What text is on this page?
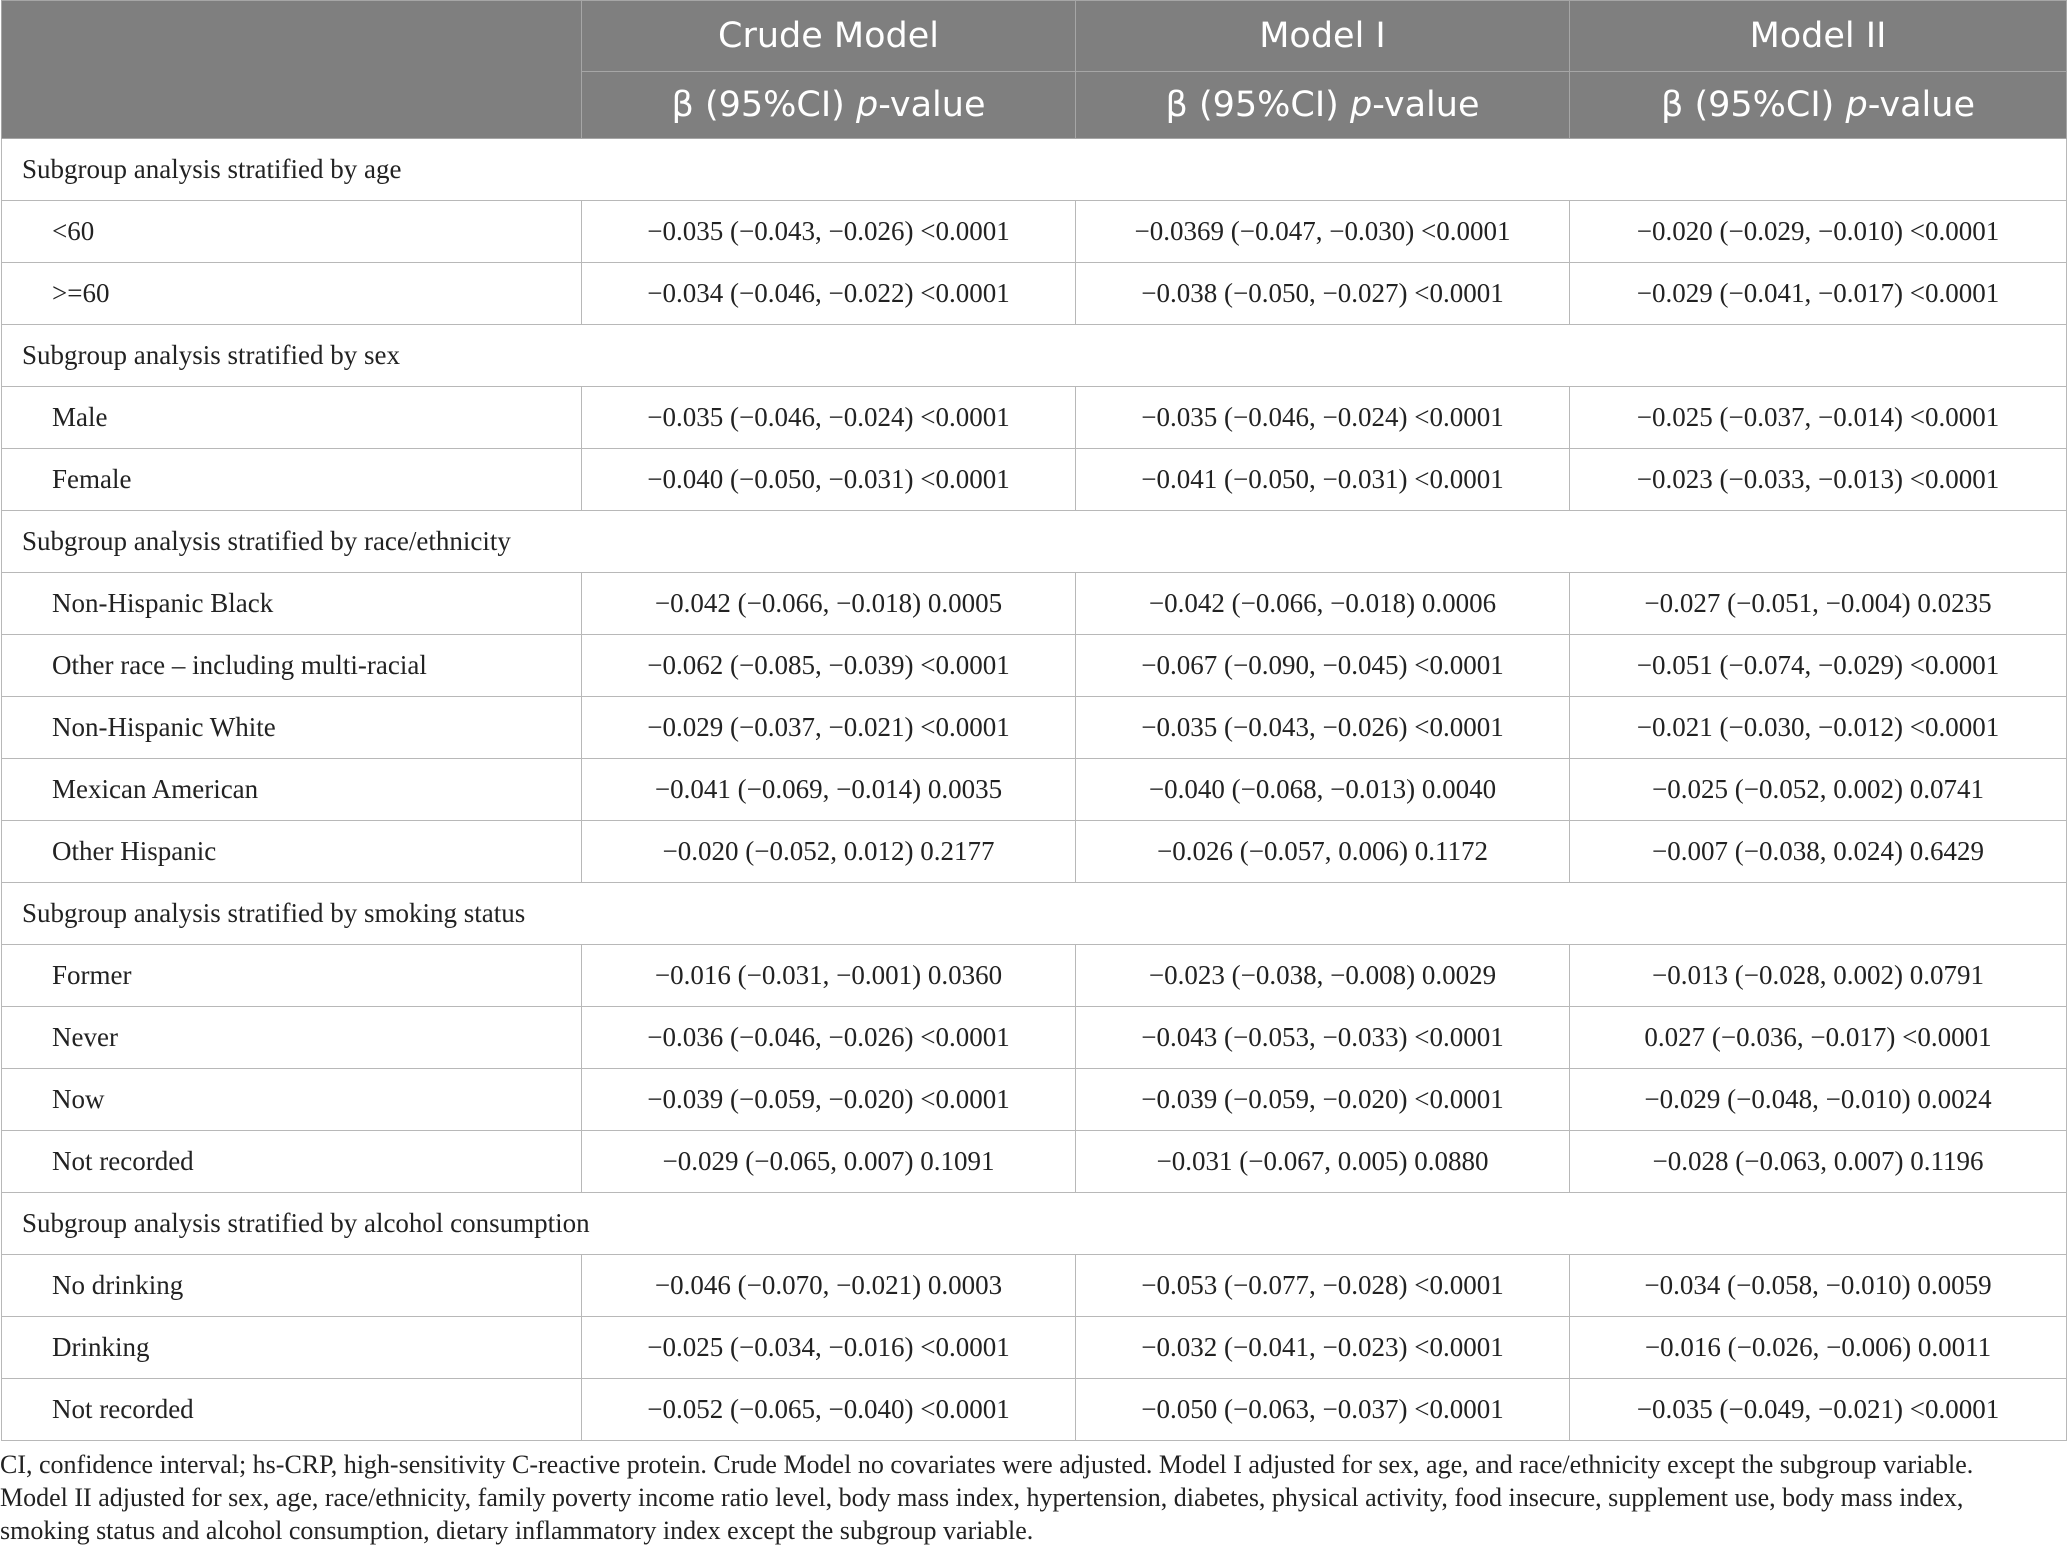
	Crude Model	Model I	Model II
	β (95%CI) p-value	β (95%CI) p-value	β (95%CI) p-value
Subgroup analysis stratified by age			
<60	−0.035 (−0.043, −0.026) <0.0001	−0.0369 (−0.047, −0.030) <0.0001	−0.020 (−0.029, −0.010) <0.0001
>=60	−0.034 (−0.046, −0.022) <0.0001	−0.038 (−0.050, −0.027) <0.0001	−0.029 (−0.041, −0.017) <0.0001
Subgroup analysis stratified by sex			
Male	−0.035 (−0.046, −0.024) <0.0001	−0.035 (−0.046, −0.024) <0.0001	−0.025 (−0.037, −0.014) <0.0001
Female	−0.040 (−0.050, −0.031) <0.0001	−0.041 (−0.050, −0.031) <0.0001	−0.023 (−0.033, −0.013) <0.0001
Subgroup analysis stratified by race/ethnicity			
Non-Hispanic Black	−0.042 (−0.066, −0.018) 0.0005	−0.042 (−0.066, −0.018) 0.0006	−0.027 (−0.051, −0.004) 0.0235
Other race – including multi-racial	−0.062 (−0.085, −0.039) <0.0001	−0.067 (−0.090, −0.045) <0.0001	−0.051 (−0.074, −0.029) <0.0001
Non-Hispanic White	−0.029 (−0.037, −0.021) <0.0001	−0.035 (−0.043, −0.026) <0.0001	−0.021 (−0.030, −0.012) <0.0001
Mexican American	−0.041 (−0.069, −0.014) 0.0035	−0.040 (−0.068, −0.013) 0.0040	−0.025 (−0.052, 0.002) 0.0741
Other Hispanic	−0.020 (−0.052, 0.012) 0.2177	−0.026 (−0.057, 0.006) 0.1172	−0.007 (−0.038, 0.024) 0.6429
Subgroup analysis stratified by smoking status			
Former	−0.016 (−0.031, −0.001) 0.0360	−0.023 (−0.038, −0.008) 0.0029	−0.013 (−0.028, 0.002) 0.0791
Never	−0.036 (−0.046, −0.026) <0.0001	−0.043 (−0.053, −0.033) <0.0001	0.027 (−0.036, −0.017) <0.0001
Now	−0.039 (−0.059, −0.020) <0.0001	−0.039 (−0.059, −0.020) <0.0001	−0.029 (−0.048, −0.010) 0.0024
Not recorded	−0.029 (−0.065, 0.007) 0.1091	−0.031 (−0.067, 0.005) 0.0880	−0.028 (−0.063, 0.007) 0.1196
Subgroup analysis stratified by alcohol consumption			
No drinking	−0.046 (−0.070, −0.021) 0.0003	−0.053 (−0.077, −0.028) <0.0001	−0.034 (−0.058, −0.010) 0.0059
Drinking	−0.025 (−0.034, −0.016) <0.0001	−0.032 (−0.041, −0.023) <0.0001	−0.016 (−0.026, −0.006) 0.0011
Not recorded	−0.052 (−0.065, −0.040) <0.0001	−0.050 (−0.063, −0.037) <0.0001	−0.035 (−0.049, −0.021) <0.0001
CI, confidence interval; hs-CRP, high-sensitivity C-reactive protein. Crude Model no covariates were adjusted. Model I adjusted for sex, age, and race/ethnicity except the subgroup variable.
Model II adjusted for sex, age, race/ethnicity, family poverty income ratio level, body mass index, hypertension, diabetes, physical activity, food insecure, supplement use, body mass index,
smoking status and alcohol consumption, dietary inflammatory index except the subgroup variable.
